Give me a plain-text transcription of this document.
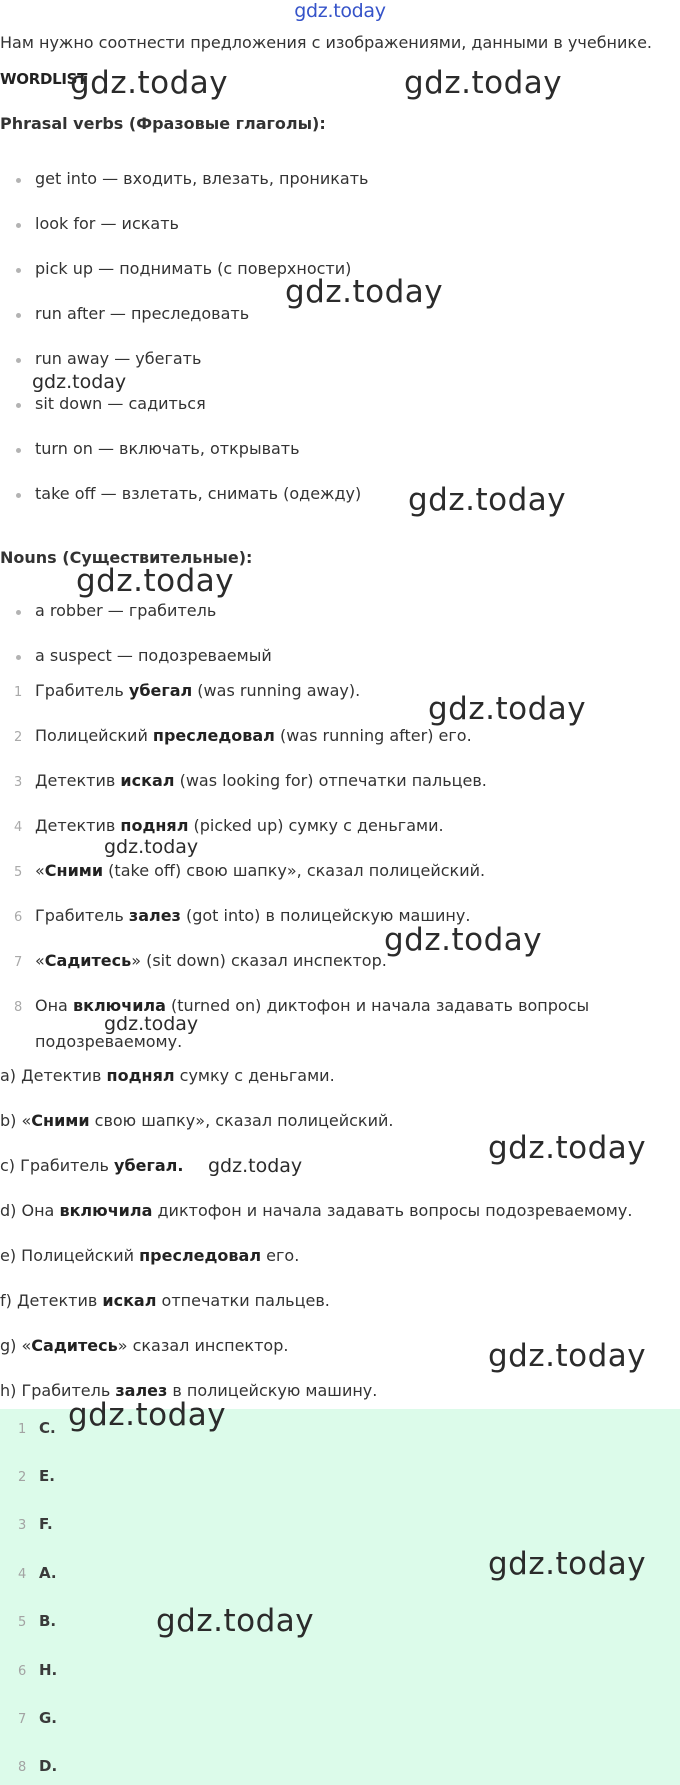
gdz.today
Нам нужно соотнести предложения с изображениями, данными в учебнике.
WORDLIST
Phrasal verbs (Фразовые глаголы):
get into — входить, влезать, проникать
look for — искать
pick up — поднимать (с поверхности)
run after — преследовать
run away — убегать
sit down — садиться
turn on — включать, открывать
take off — взлетать, снимать (одежду)
Nouns (Существительные):
a robber — грабитель
a suspect — подозреваемый
1 Грабитель убегал (was running away).
2 Полицейский преследовал (was running after) его.
3 Детектив искал (was looking for) отпечатки пальцев.
4 Детектив поднял (picked up) сумку с деньгами.
5 «Сними (take off) свою шапку», сказал полицейский.
6 Грабитель залез (got into) в полицейскую машину.
7 «Садитесь» (sit down) сказал инспектор.
8 Она включила (turned on) диктофон и начала задавать вопросы
подозреваемому.
a) Детектив поднял сумку с деньгами.
b) «Сними свою шапку», сказал полицейский.
c) Грабитель убегал.
d) Она включила диктофон и начала задавать вопросы подозреваемому.
e) Полицейский преследовал его.
f) Детектив искал отпечатки пальцев.
g) «Садитесь» сказал инспектор.
h) Грабитель залез в полицейскую машину.
1 C.
2 E.
3 F.
4 A.
5 B.
6 H.
7 G.
8 D.
gdz.today	gdz.today
gdz.today
gdz.today
gdz.today
gdz.today
gdz.today
gdz.today
gdz.today
gdz.today
gdz.today
gdz.today
gdz.today
gdz.today
gdz.today
gdz.today
